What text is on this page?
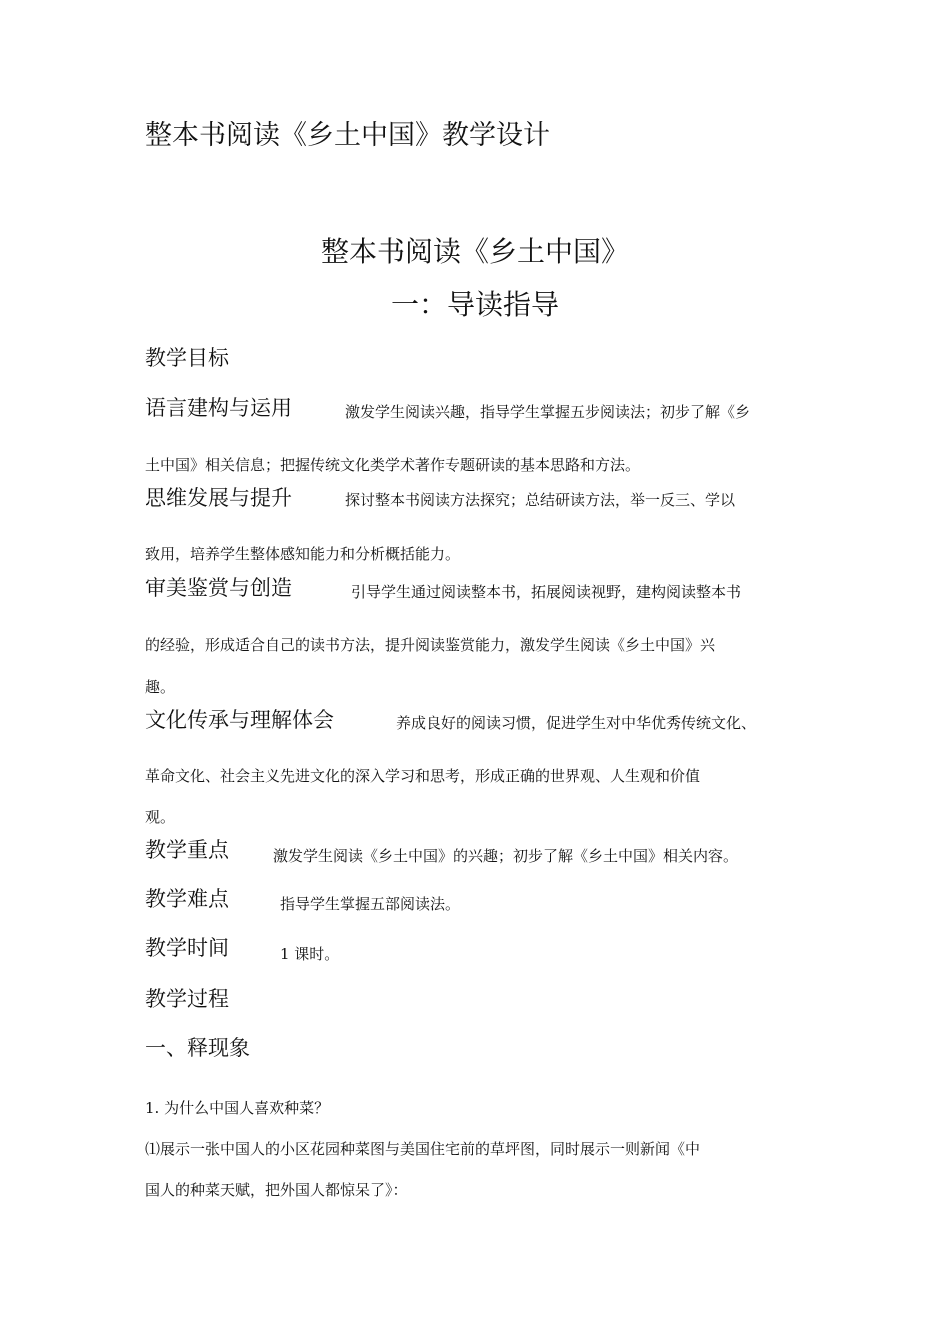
整本书阅读《乡土中国》教学设计
整本书阅读《乡土中国》
一：导读指导
教学目标
语言建构与运用	激发学生阅读兴趣，指导学生掌握五步阅读法；初步了解《乡
土中国》相关信息；把握传统文化类学术著作专题研读的基本思路和方法。
思维发展与提升	探讨整本书阅读方法探究；总结研读方法，举一反三、学以
致用，培养学生整体感知能力和分析概括能力。
审美鉴赏与创造	引导学生通过阅读整本书，拓展阅读视野，建构阅读整本书
的经验，形成适合自己的读书方法，提升阅读鉴赏能力，激发学生阅读《乡土中国》兴
趣。
文化传承与理解体会	养成良好的阅读习惯，促进学生对中华优秀传统文化、
革命文化、社会主义先进文化的深入学习和思考，形成正确的世界观、人生观和价值
观。
教学重点	激发学生阅读《乡土中国》的兴趣；初步了解《乡土中国》相关内容。
教学难点	指导学生掌握五部阅读法。
教学时间	1 课时。
教学过程
一、释现象
1. 为什么中国人喜欢种菜？
⑴展示一张中国人的小区花园种菜图与美国住宅前的草坪图，同时展示一则新闻《中
国人的种菜天赋，把外国人都惊呆了》：
